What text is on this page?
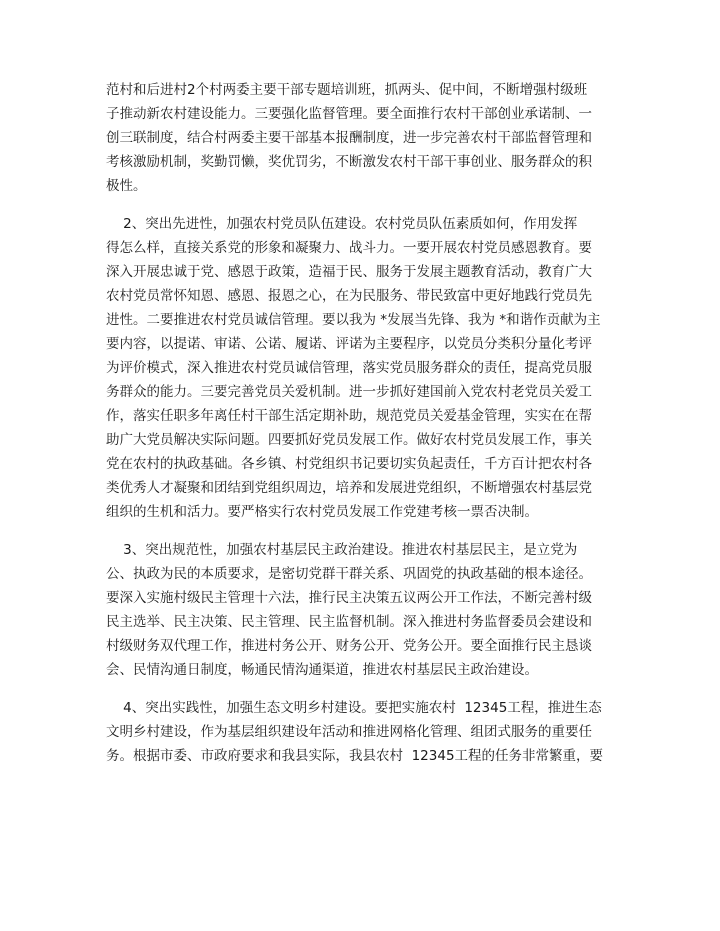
范村和后进村2个村两委主要干部专题培训班，抓两头、促中间，不断增强村级班
子推动新农村建设能力。三要强化监督管理。要全面推行农村干部创业承诺制、一
创三联制度，结合村两委主要干部基本报酬制度，进一步完善农村干部监督管理和
考核激励机制，奖勤罚懒，奖优罚劣，不断激发农村干部干事创业、服务群众的积
极性。
2、突出先进性，加强农村党员队伍建设。农村党员队伍素质如何，作用发挥
得怎么样，直接关系党的形象和凝聚力、战斗力。一要开展农村党员感恩教育。要
深入开展忠诚于党、感恩于政策，造福于民、服务于发展主题教育活动，教育广大
农村党员常怀知恩、感恩、报恩之心，在为民服务、带民致富中更好地践行党员先
进性。二要推进农村党员诚信管理。要以我为 *发展当先锋、我为 *和谐作贡献为主
要内容，以提诺、审诺、公诺、履诺、评诺为主要程序，以党员分类积分量化考评
为评价模式，深入推进农村党员诚信管理，落实党员服务群众的责任，提高党员服
务群众的能力。三要完善党员关爱机制。进一步抓好建国前入党农村老党员关爱工
作，落实任职多年离任村干部生活定期补助，规范党员关爱基金管理，实实在在帮
助广大党员解决实际问题。四要抓好党员发展工作。做好农村党员发展工作，事关
党在农村的执政基础。各乡镇、村党组织书记要切实负起责任，千方百计把农村各
类优秀人才凝聚和团结到党组织周边，培养和发展进党组织，不断增强农村基层党
组织的生机和活力。要严格实行农村党员发展工作党建考核一票否决制。
3、突出规范性，加强农村基层民主政治建设。推进农村基层民主，是立党为
公、执政为民的本质要求，是密切党群干群关系、巩固党的执政基础的根本途径。
要深入实施村级民主管理十六法，推行民主决策五议两公开工作法，不断完善村级
民主选举、民主决策、民主管理、民主监督机制。深入推进村务监督委员会建设和
村级财务双代理工作，推进村务公开、财务公开、党务公开。要全面推行民主恳谈
会、民情沟通日制度，畅通民情沟通渠道，推进农村基层民主政治建设。
4、突出实践性，加强生态文明乡村建设。要把实施农村  12345工程，推进生态
文明乡村建设，作为基层组织建设年活动和推进网格化管理、组团式服务的重要任
务。根据市委、市政府要求和我县实际，我县农村  12345工程的任务非常繁重，要
